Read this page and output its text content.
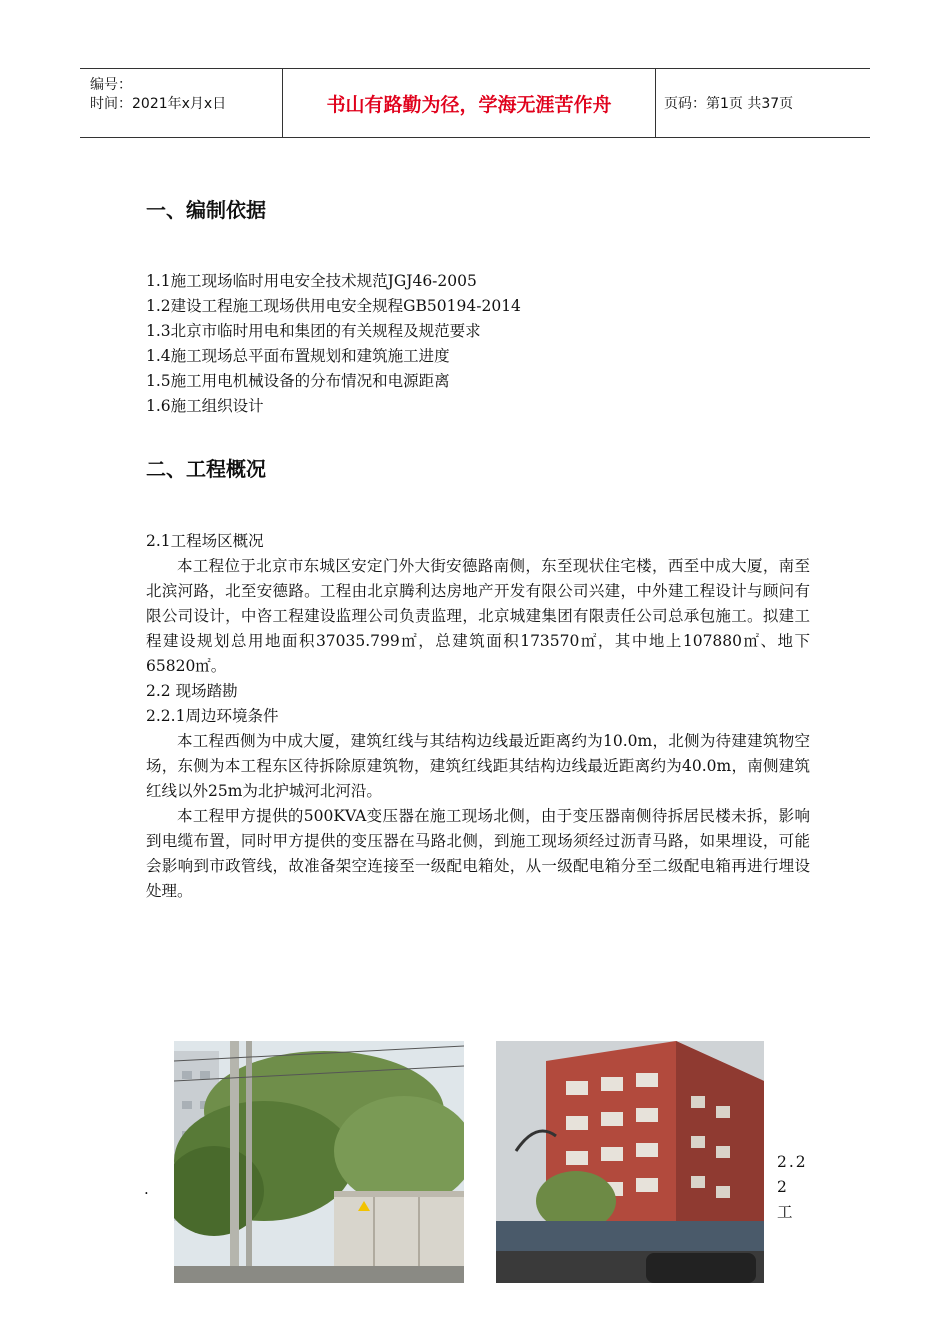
编号：
时间：2021年x月x日	书山有路勤为径，学海无涯苦作舟	页码：第1页 共37页
一、编制依据
1.1施工现场临时用电安全技术规范JGJ46-2005
1.2建设工程施工现场供用电安全规程GB50194-2014
1.3北京市临时用电和集团的有关规程及规范要求
1.4施工现场总平面布置规划和建筑施工进度
1.5施工用电机械设备的分布情况和电源距离
1.6施工组织设计
二、工程概况

2.1工程场区概况

本工程位于北京市东城区安定门外大街安德路南侧，东至现状住宅楼，西至中成大厦，南至北滨河路，北至安德路。工程由北京腾利达房地产开发有限公司兴建，中外建工程设计与顾问有限公司设计，中咨工程建设监理公司负责监理，北京城建集团有限责任公司总承包施工。拟建工程建设规划总用地面积37035.799㎡，总建筑面积173570㎡，其中地上107880㎡、地下65820㎡。

2.2 现场踏勘

2.2.1周边环境条件

本工程西侧为中成大厦，建筑红线与其结构边线最近距离约为10.0m，北侧为待建建筑物空场，东侧为本工程东区待拆除原建筑物，建筑红线距其结构边线最近距离约为40.0m，南侧建筑红线以外25m为北护城河北河沿。

本工程甲方提供的500KVA变压器在施工现场北侧，由于变压器南侧待拆居民楼未拆，影响到电缆布置，同时甲方提供的变压器在马路北侧，到施工现场须经过沥青马路，如果埋设，可能会影响到市政管线，故准备架空连接至一级配电箱处，从一级配电箱分至二级配电箱再进行埋设处理。

.
2.2 2 工
